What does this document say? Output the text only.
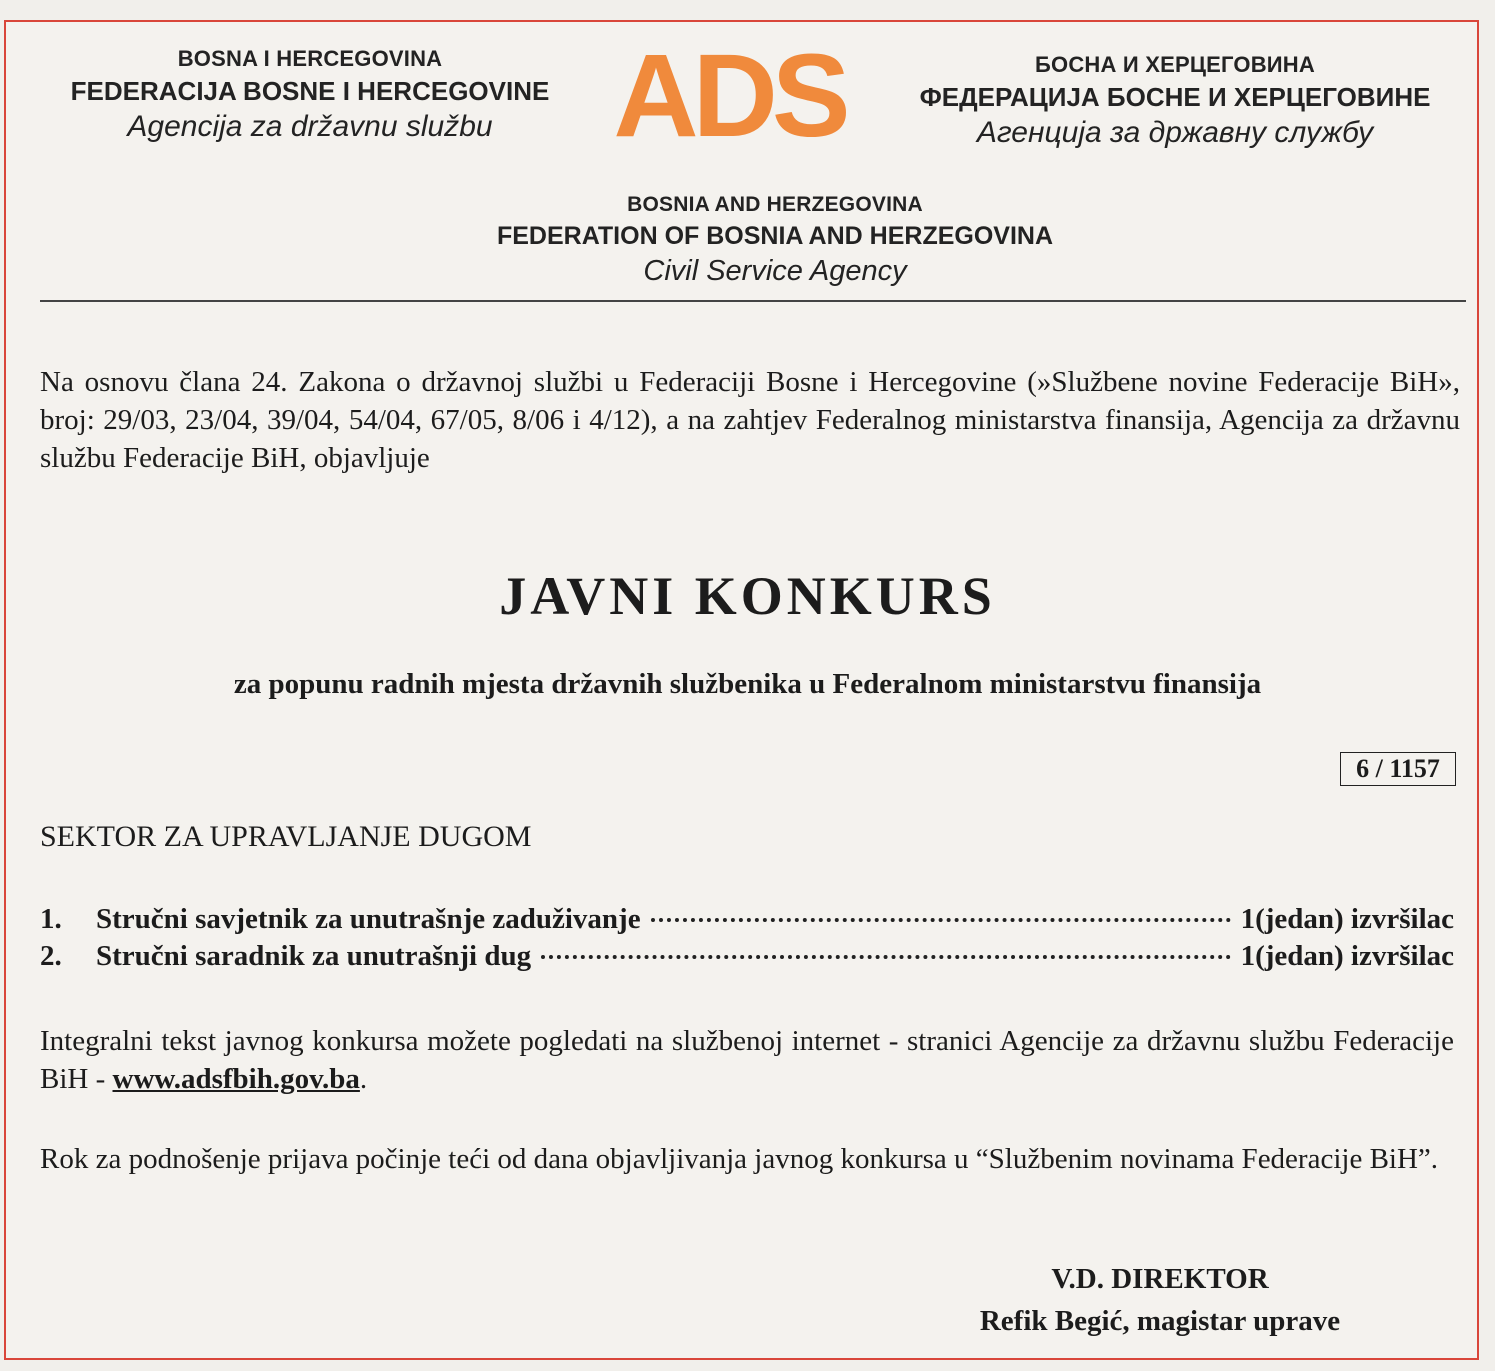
BOSNA I HERCEGOVINA
FEDERACIJA BOSNE I HERCEGOVINE
Agencija za državnu službu	ADS	БОСНА И ХЕРЦЕГОВИНА
ФЕДЕРАЦИЈА БОСНЕ И ХЕРЦЕГОВИНЕ
Агенција за државну службу
BOSNIA AND HERZEGOVINA
FEDERATION OF BOSNIA AND HERZEGOVINA
Civil Service Agency
Na osnovu člana 24. Zakona o državnoj službi u Federaciji Bosne i Hercegovine (»Službene novine Federacije BiH», broj: 29/03, 23/04, 39/04, 54/04, 67/05, 8/06 i 4/12), a na zahtjev Federalnog ministarstva finansija, Agencija za državnu službu Federacije BiH, objavljuje
JAVNI KONKURS
za popunu radnih mjesta državnih službenika u Federalnom ministarstvu finansija
6 / 1157
SEKTOR ZA UPRAVLJANJE DUGOM
1.	Stručni savjetnik za unutrašnje zaduživanje	1(jedan) izvršilac
2.	Stručni saradnik za unutrašnji dug	1(jedan) izvršilac
Integralni tekst javnog konkursa možete pogledati na službenoj internet - stranici Agencije za državnu službu Federacije BiH - www.adsfbih.gov.ba.
Rok za podnošenje prijava počinje teći od dana objavljivanja javnog konkursa u “Službenim novinama Federacije BiH”.
V.D. DIREKTOR
Refik Begić, magistar uprave
